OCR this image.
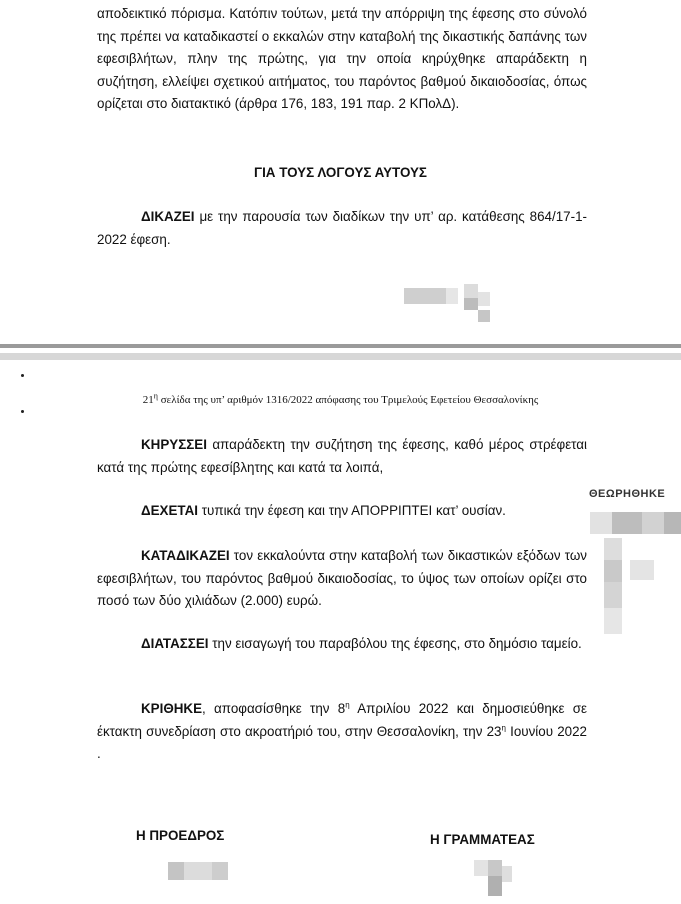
αποδεικτικό πόρισμα. Κατόπιν τούτων, μετά την απόρριψη της έφεσης στο σύνολό της πρέπει να καταδικαστεί ο εκκαλών στην καταβολή της δικαστικής δαπάνης των εφεσιβλήτων, πλην της πρώτης, για την οποία κηρύχθηκε απαράδεκτη η συζήτηση, ελλείψει σχετικού αιτήματος, του παρόντος βαθμού δικαιοδοσίας, όπως ορίζεται στο διατακτικό (άρθρα 176, 183, 191 παρ. 2 ΚΠολΔ).

ΓΙΑ ΤΟΥΣ ΛΟΓΟΥΣ ΑΥΤΟΥΣ

ΔΙΚΑΖΕΙ με την παρουσία των διαδίκων την υπ’ αρ. κατάθεσης 864/17-1-2022 έφεση.

$21^\eta$ σελίδα της υπ’ αριθμόν 1316/2022 απόφασης του Τριμελούς Εφετείου Θεσσαλονίκης

ΚΗΡΥΣΣΕΙ απαράδεκτη την συζήτηση της έφεσης, καθό μέρος στρέφεται κατά της πρώτης εφεσίβλητης και κατά τα λοιπά,

ΔΕΧΕΤΑΙ τυπικά την έφεση και την ΑΠΟΡΡΙΠΤΕΙ κατ’ ουσίαν.

ΚΑΤΑΔΙΚΑΖΕΙ τον εκκαλούντα στην καταβολή των δικαστικών εξόδων των εφεσιβλήτων, του παρόντος βαθμού δικαιοδοσίας, το ύψος των οποίων ορίζει στο ποσό των δύο χιλιάδων (2.000) ευρώ.

ΔΙΑΤΑΣΣΕΙ την εισαγωγή του παραβόλου της έφεσης, στο δημόσιο ταμείο.

ΚΡΙΘΗΚΕ, αποφασίσθηκε την $8^\eta$ Απριλίου 2022 και δημοσιεύθηκε σε έκτακτη συνεδρίαση στο ακροατήριό του, στην Θεσσαλονίκη, την $23^\eta$ Ιουνίου 2022 .

ΘΕΩΡΗΘΗΚΕ
Η ΠΡΟΕΔΡΟΣ	Η ΓΡΑΜΜΑΤΕΑΣ
